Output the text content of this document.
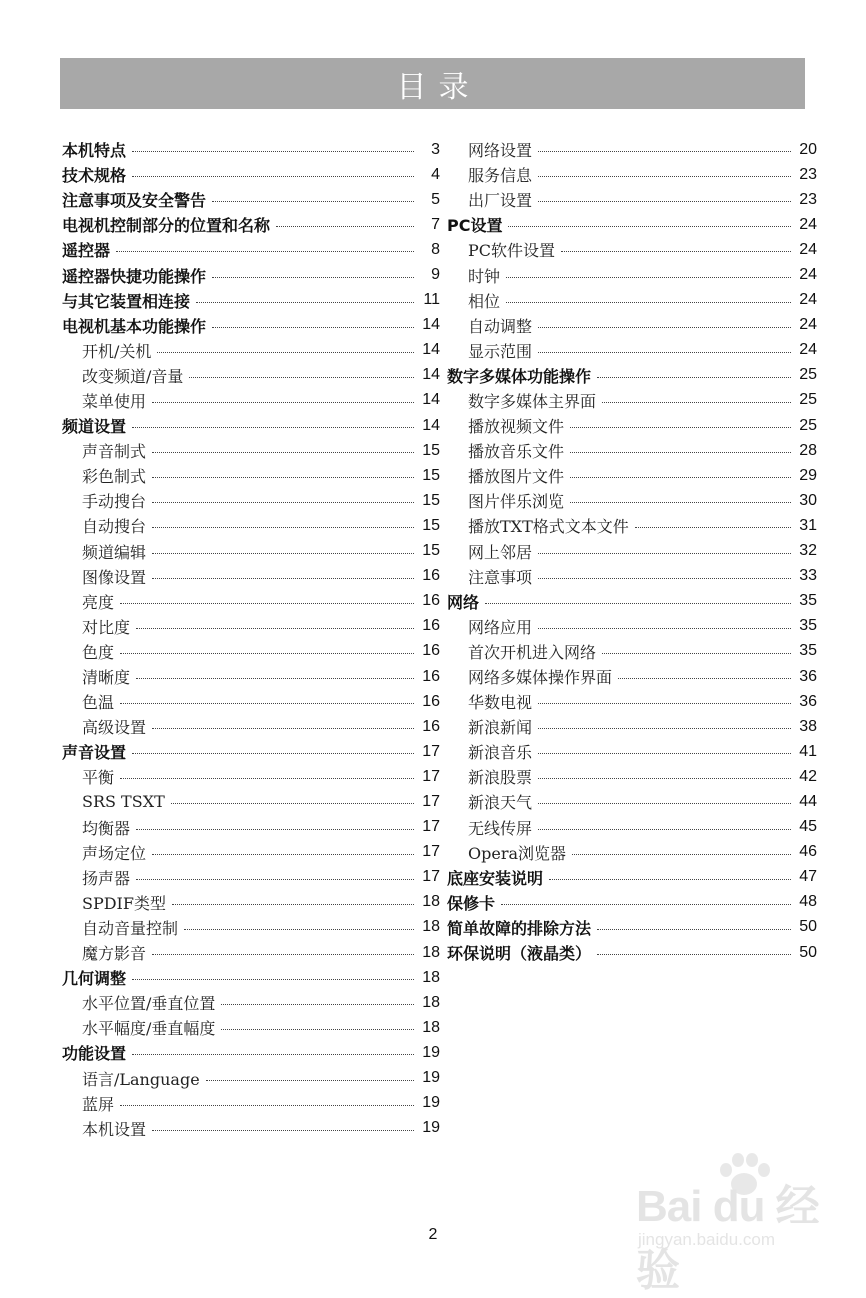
目录
本机特点	3
技术规格	4
注意事项及安全警告	5
电视机控制部分的位置和名称	7
遥控器	8
遥控器快捷功能操作	9
与其它装置相连接	11
电视机基本功能操作	14
开机/关机	14
改变频道/音量	14
菜单使用	14
频道设置	14
声音制式	15
彩色制式	15
手动搜台	15
自动搜台	15
频道编辑	15
图像设置	16
亮度	16
对比度	16
色度	16
清晰度	16
色温	16
高级设置	16
声音设置	17
平衡	17
SRS TSXT	17
均衡器	17
声场定位	17
扬声器	17
SPDIF类型	18
自动音量控制	18
魔方影音	18
几何调整	18
水平位置/垂直位置	18
水平幅度/垂直幅度	18
功能设置	19
语言/Language	19
蓝屏	19
本机设置	19
网络设置	20
服务信息	23
出厂设置	23
PC设置	24
PC软件设置	24
时钟	24
相位	24
自动调整	24
显示范围	24
数字多媒体功能操作	25
数字多媒体主界面	25
播放视频文件	25
播放音乐文件	28
播放图片文件	29
图片伴乐浏览	30
播放TXT格式文本文件	31
网上邻居	32
注意事项	33
网络	35
网络应用	35
首次开机进入网络	35
网络多媒体操作界面	36
华数电视	36
新浪新闻	38
新浪音乐	41
新浪股票	42
新浪天气	44
无线传屏	45
Opera浏览器	46
底座安装说明	47
保修卡	48
简单故障的排除方法	50
环保说明（液晶类）	50
2
Bai du 经验
jingyan.baidu.com
